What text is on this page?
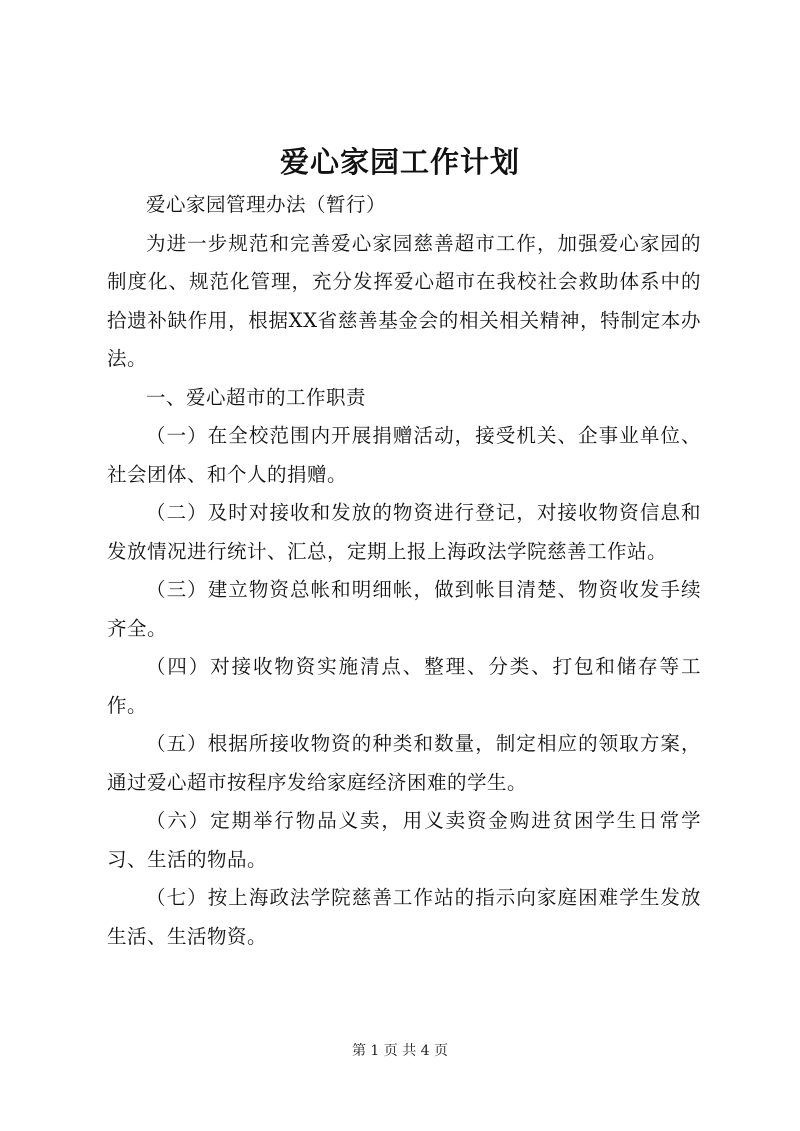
爱心家园工作计划

爱心家园管理办法（暂行）

为进一步规范和完善爱心家园慈善超市工作，加强爱心家园的制度化、规范化管理，充分发挥爱心超市在我校社会救助体系中的拾遗补缺作用，根据XX省慈善基金会的相关相关精神，特制定本办法。

一、爱心超市的工作职责

（一）在全校范围内开展捐赠活动，接受机关、企事业单位、社会团体、和个人的捐赠。

（二）及时对接收和发放的物资进行登记，对接收物资信息和发放情况进行统计、汇总，定期上报上海政法学院慈善工作站。

（三）建立物资总帐和明细帐，做到帐目清楚、物资收发手续齐全。

（四）对接收物资实施清点、整理、分类、打包和储存等工作。

（五）根据所接收物资的种类和数量，制定相应的领取方案，通过爱心超市按程序发给家庭经济困难的学生。

（六）定期举行物品义卖，用义卖资金购进贫困学生日常学习、生活的物品。

（七）按上海政法学院慈善工作站的指示向家庭困难学生发放生活、生活物资。

第 1 页 共 4 页
